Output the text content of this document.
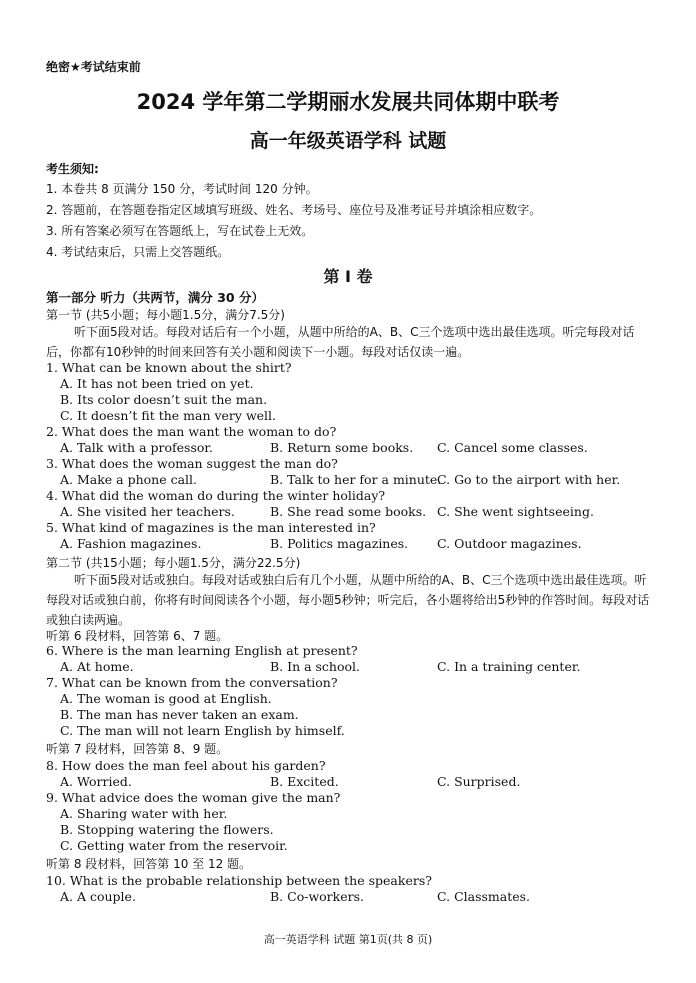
绝密★考试结束前
2024 学年第二学期丽水发展共同体期中联考
高一年级英语学科 试题
考生须知:
1. 本卷共 8 页满分 150 分，考试时间 120 分钟。
2. 答题前，在答题卷指定区域填写班级、姓名、考场号、座位号及准考证号并填涂相应数字。
3. 所有答案必须写在答题纸上，写在试卷上无效。
4. 考试结束后，只需上交答题纸。
第 I 卷
第一部分 听力（共两节，满分 30 分）
第一节 (共5小题；每小题1.5分，满分7.5分)
听下面5段对话。每段对话后有一个小题，从题中所给的A、B、C三个选项中选出最佳选项。听完每段对话后，你都有10秒钟的时间来回答有关小题和阅读下一小题。每段对话仅读一遍。
1. What can be known about the shirt?
A. It has not been tried on yet.
B. Its color doesn’t suit the man.
C. It doesn’t fit the man very well.
2. What does the man want the woman to do?
A. Talk with a professor.	B. Return some books. C. Cancel some classes.
3. What does the woman suggest the man do?
A. Make a phone call.	B. Talk to her for a minute.
C. Go to the airport with her.
4. What did the woman do during the winter holiday?
A. She visited her teachers.	B. She read some books. C. She went sightseeing.
5. What kind of magazines is the man interested in?
A. Fashion magazines.	B. Politics magazines. C. Outdoor magazines.
第二节 (共15小题；每小题1.5分，满分22.5分)
听下面5段对话或独白。每段对话或独白后有几个小题，从题中所给的A、B、C三个选项中选出最佳选项。听每段对话或独白前，你将有时间阅读各个小题，每小题5秒钟；听完后，各小题将给出5秒钟的作答时间。每段对话或独白读两遍。
听第 6 段材料，回答第 6、7 题。
6. Where is the man learning English at present?
A. At home.	B. In a school.	C. In a training center.
7. What can be known from the conversation?
A. The woman is good at English.
B. The man has never taken an exam.
C. The man will not learn English by himself.
听第 7 段材料，回答第 8、9 题。
8. How does the man feel about his garden?
A. Worried.	B. Excited.	C. Surprised.
9. What advice does the woman give the man?
A. Sharing water with her.
B. Stopping watering the flowers.
C. Getting water from the reservoir.
听第 8 段材料，回答第 10 至 12 题。
10. What is the probable relationship between the speakers?
A. A couple.	B. Co-workers.	C. Classmates.
高一英语学科 试题 第1页(共 8 页)
